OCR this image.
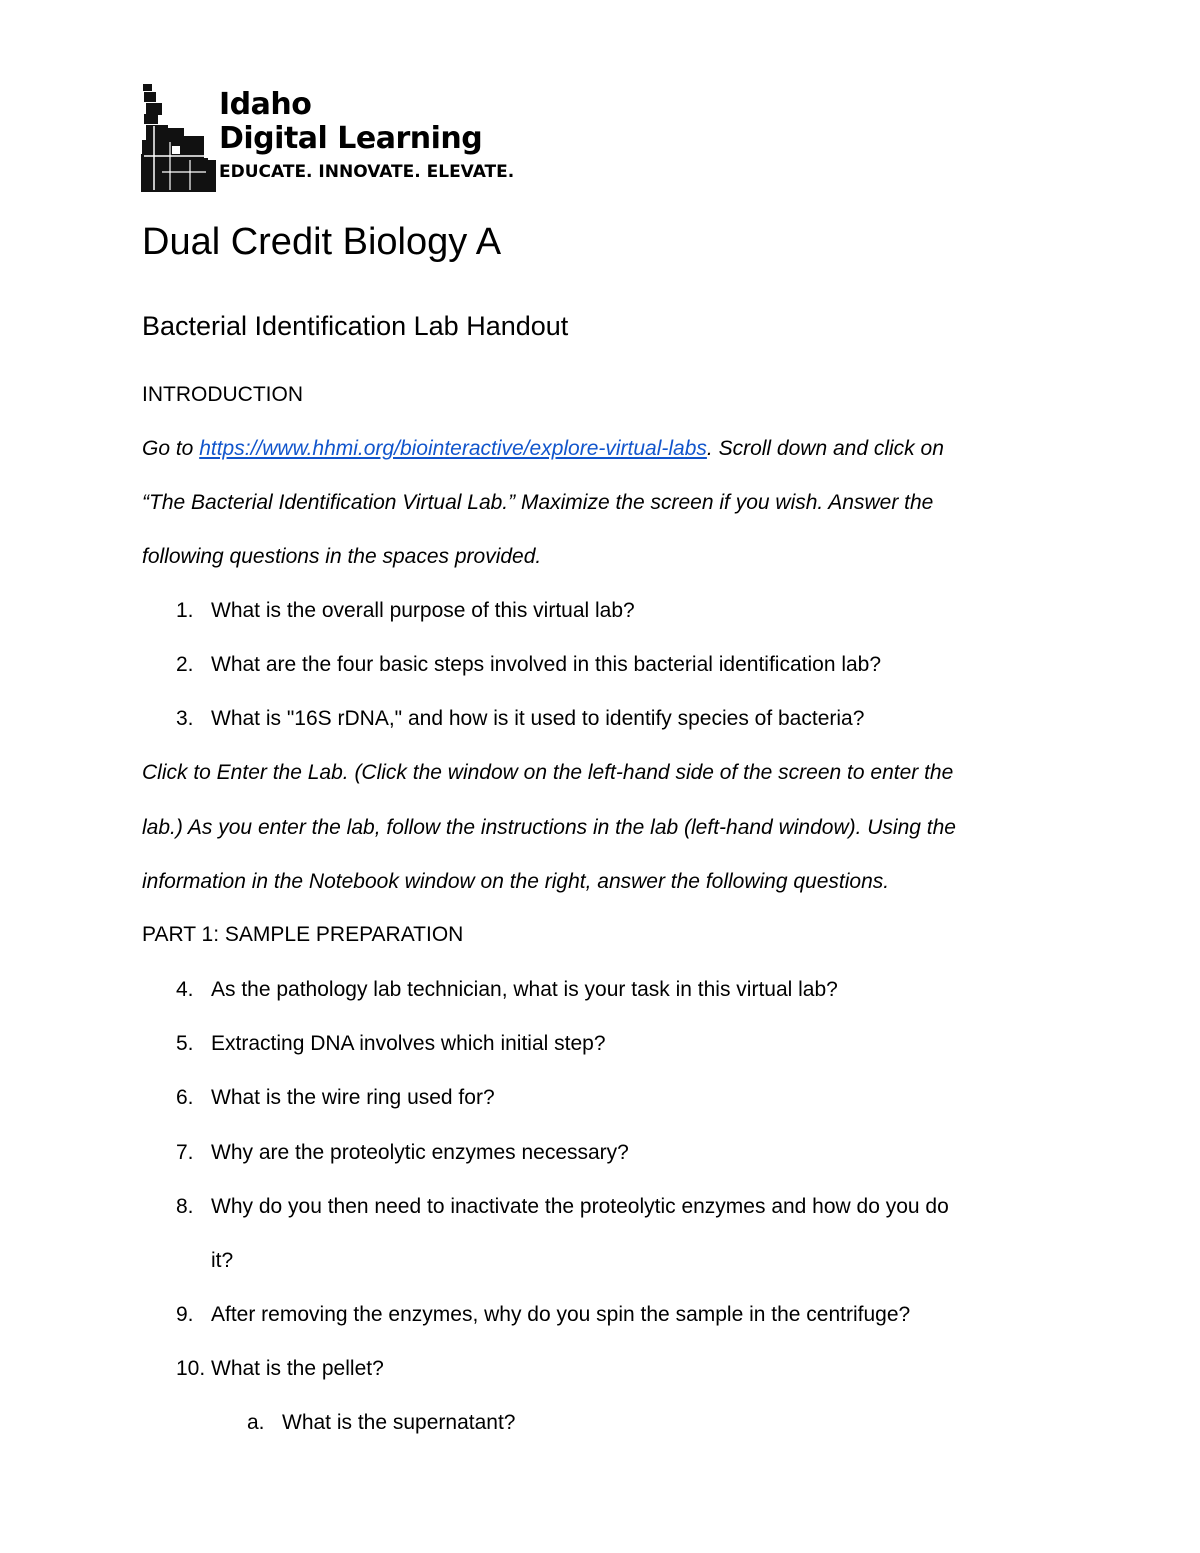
Idaho
Digital Learning
EDUCATE. INNOVATE. ELEVATE.
Dual Credit Biology A
Bacterial Identification Lab Handout
INTRODUCTION
Go to https://www.hhmi.org/biointeractive/explore-virtual-labs. Scroll down and click on
“The Bacterial Identification Virtual Lab.” Maximize the screen if you wish. Answer the
following questions in the spaces provided.
1. What is the overall purpose of this virtual lab?
2. What are the four basic steps involved in this bacterial identification lab?
3. What is "16S rDNA," and how is it used to identify species of bacteria?
Click to Enter the Lab. (Click the window on the left-hand side of the screen to enter the
lab.) As you enter the lab, follow the instructions in the lab (left-hand window). Using the
information in the Notebook window on the right, answer the following questions.
PART 1: SAMPLE PREPARATION
4. As the pathology lab technician, what is your task in this virtual lab?
5. Extracting DNA involves which initial step?
6. What is the wire ring used for?
7. Why are the proteolytic enzymes necessary?
8. Why do you then need to inactivate the proteolytic enzymes and how do you do
it?
9. After removing the enzymes, why do you spin the sample in the centrifuge?
10. What is the pellet?
a. What is the supernatant?
